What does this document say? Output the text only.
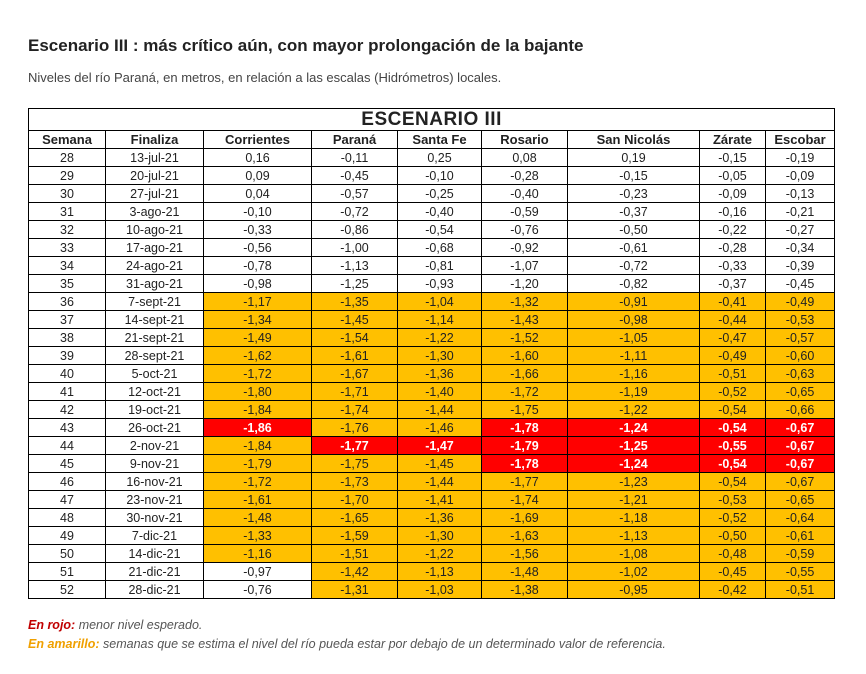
Escenario III : más crítico aún, con mayor prolongación de la bajante
Niveles del río Paraná, en metros, en relación a las escalas (Hidrómetros) locales.
ESCENARIO III								
Semana	Finaliza	Corrientes	Paraná	Santa Fe	Rosario	San Nicolás	Zárate	Escobar
28	13-jul-21	0,16	-0,11	0,25	0,08	0,19	-0,15	-0,19
29	20-jul-21	0,09	-0,45	-0,10	-0,28	-0,15	-0,05	-0,09
30	27-jul-21	0,04	-0,57	-0,25	-0,40	-0,23	-0,09	-0,13
31	3-ago-21	-0,10	-0,72	-0,40	-0,59	-0,37	-0,16	-0,21
32	10-ago-21	-0,33	-0,86	-0,54	-0,76	-0,50	-0,22	-0,27
33	17-ago-21	-0,56	-1,00	-0,68	-0,92	-0,61	-0,28	-0,34
34	24-ago-21	-0,78	-1,13	-0,81	-1,07	-0,72	-0,33	-0,39
35	31-ago-21	-0,98	-1,25	-0,93	-1,20	-0,82	-0,37	-0,45
36	7-sept-21	-1,17	-1,35	-1,04	-1,32	-0,91	-0,41	-0,49
37	14-sept-21	-1,34	-1,45	-1,14	-1,43	-0,98	-0,44	-0,53
38	21-sept-21	-1,49	-1,54	-1,22	-1,52	-1,05	-0,47	-0,57
39	28-sept-21	-1,62	-1,61	-1,30	-1,60	-1,11	-0,49	-0,60
40	5-oct-21	-1,72	-1,67	-1,36	-1,66	-1,16	-0,51	-0,63
41	12-oct-21	-1,80	-1,71	-1,40	-1,72	-1,19	-0,52	-0,65
42	19-oct-21	-1,84	-1,74	-1,44	-1,75	-1,22	-0,54	-0,66
43	26-oct-21	-1,86	-1,76	-1,46	-1,78	-1,24	-0,54	-0,67
44	2-nov-21	-1,84	-1,77	-1,47	-1,79	-1,25	-0,55	-0,67
45	9-nov-21	-1,79	-1,75	-1,45	-1,78	-1,24	-0,54	-0,67
46	16-nov-21	-1,72	-1,73	-1,44	-1,77	-1,23	-0,54	-0,67
47	23-nov-21	-1,61	-1,70	-1,41	-1,74	-1,21	-0,53	-0,65
48	30-nov-21	-1,48	-1,65	-1,36	-1,69	-1,18	-0,52	-0,64
49	7-dic-21	-1,33	-1,59	-1,30	-1,63	-1,13	-0,50	-0,61
50	14-dic-21	-1,16	-1,51	-1,22	-1,56	-1,08	-0,48	-0,59
51	21-dic-21	-0,97	-1,42	-1,13	-1,48	-1,02	-0,45	-0,55
52	28-dic-21	-0,76	-1,31	-1,03	-1,38	-0,95	-0,42	-0,51
En rojo: menor nivel esperado.
En amarillo: semanas que se estima el nivel del río pueda estar por debajo de un determinado valor de referencia.
